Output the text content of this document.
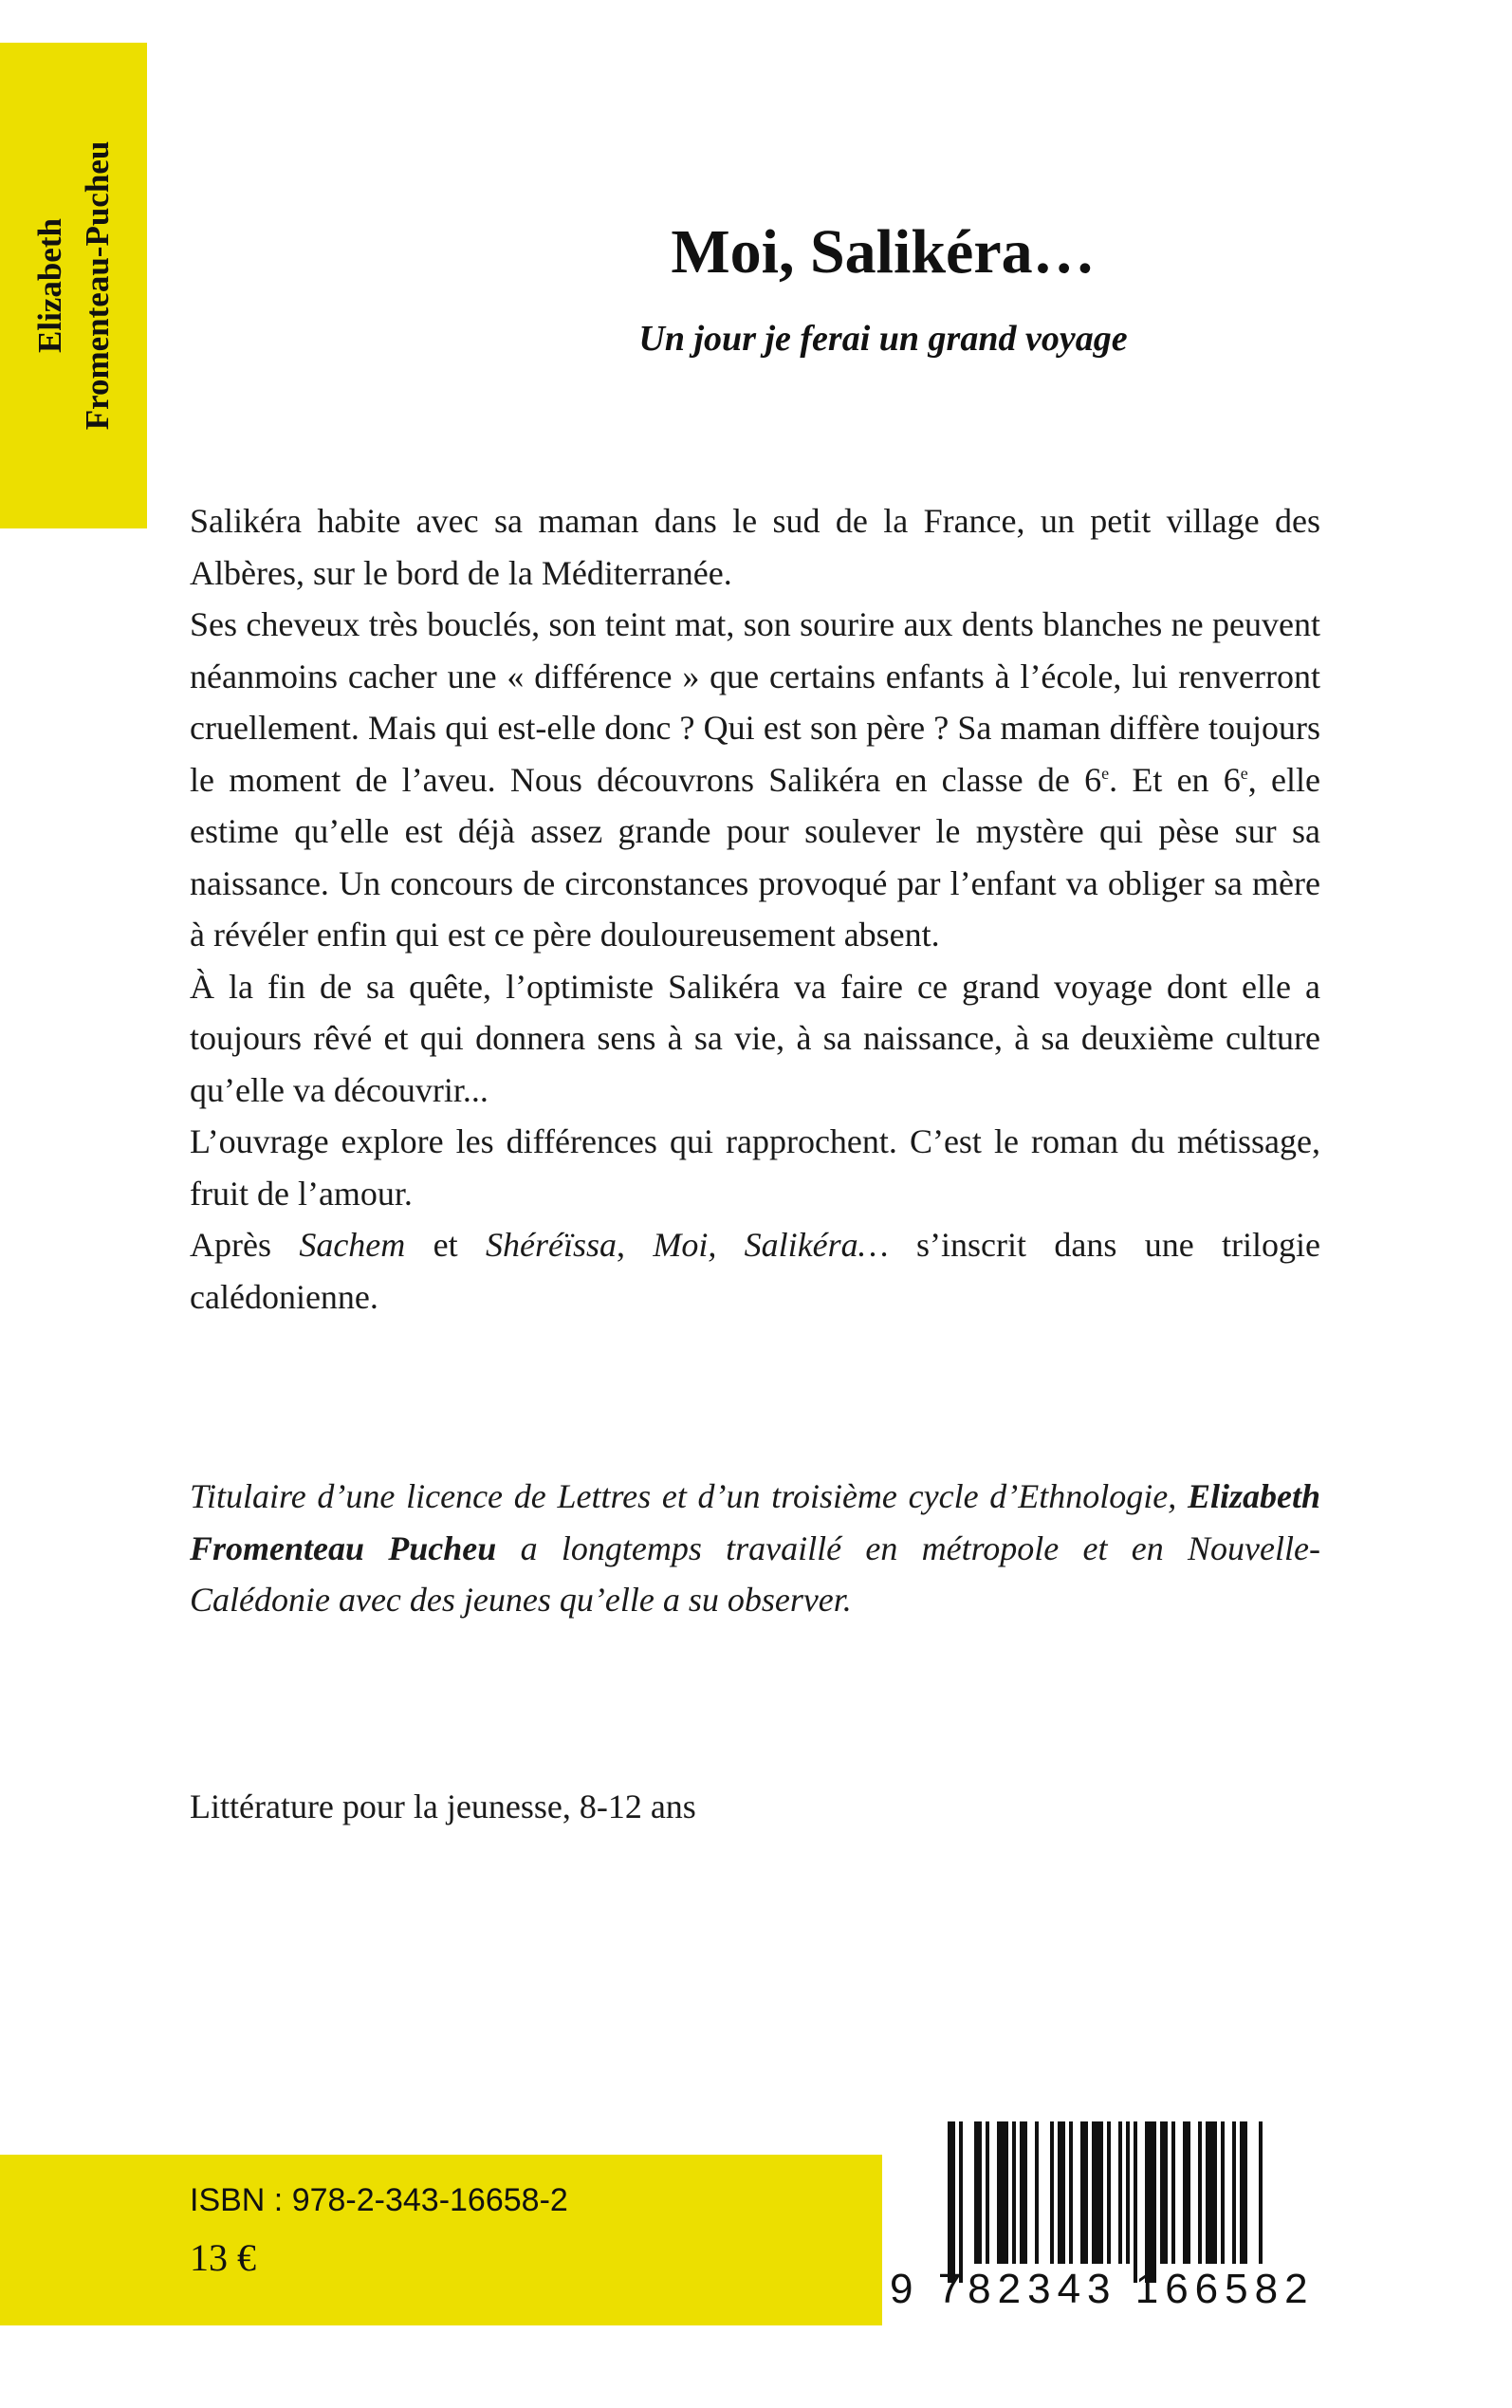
Elizabeth Fromenteau-Pucheu	Moi, Salikéra…
Un jour je ferai un grand voyage

Salikéra habite avec sa maman dans le sud de la France, un petit village des Albères, sur le bord de la Méditerranée.

Ses cheveux très bouclés, son teint mat, son sourire aux dents blanches ne peuvent néanmoins cacher une « différence » que certains enfants à l’école, lui renverront cruellement. Mais qui est-elle donc ? Qui est son père ? Sa maman diffère toujours le moment de l’aveu. Nous découvrons Salikéra en classe de 6e. Et en 6e, elle estime qu’elle est déjà assez grande pour soulever le mystère qui pèse sur sa naissance. Un concours de circonstances provoqué par l’enfant va obliger sa mère à révéler enfin qui est ce père douloureusement absent.

À la fin de sa quête, l’optimiste Salikéra va faire ce grand voyage dont elle a toujours rêvé et qui donnera sens à sa vie, à sa naissance, à sa deuxième culture qu’elle va découvrir...

L’ouvrage explore les différences qui rapprochent. C’est le roman du métissage, fruit de l’amour.

Après Sachem et Shéréïssa, Moi, Salikéra… s’inscrit dans une trilogie calédonienne.

Titulaire d’une licence de Lettres et d’un troisième cycle d’Ethnologie, Elizabeth Fromenteau Pucheu a longtemps travaillé en métropole et en Nouvelle-Calédonie avec des jeunes qu’elle a su observer.

Littérature pour la jeunesse, 8-12 ans

ISBN : 978-2-343-16658-2

13 €

9 782343 166582
